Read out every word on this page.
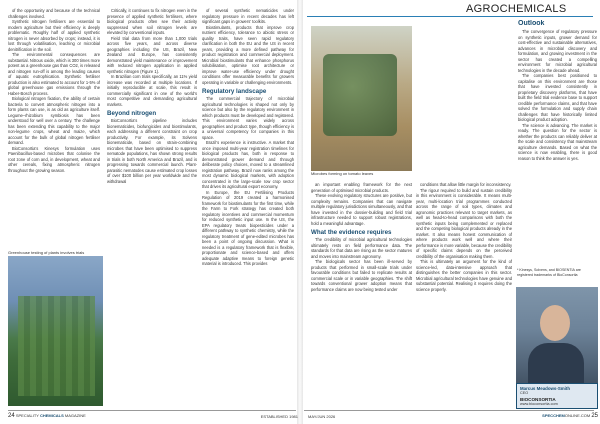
AGROCHEMICALS

of the opportunity and because of the technical challenges involved.

Synthetic nitrogen fertilisers are essential to modern agriculture but their efficiency is deeply problematic. Roughly half of applied synthetic nitrogen is never absorbed by crops; instead, it is lost through volatilisation, leaching or microbial denitrification in the soil.

The environmental consequences are substantial. Nitrous oxide, which is 300 times more potent as a greenhouse gas than CO2, is released and nitrogen run-off is among the leading causes of aquatic eutrophication. Synthetic fertiliser production is also estimated to account for 1-5% of global greenhouse gas emissions through the Haber-Bosch process.

Biological nitrogen fixation, the ability of certain bacteria to convert atmospheric nitrogen into a form plants can use, is as old as agriculture itself. Legume–rhizobium symbiosis has been understood for well over a century. The challenge has been extending this capability to the major non-legume crops, wheat and maize, which account for the bulk of global nitrogen fertiliser demand.

BioConsortia’s Kinesys formulation uses Paenibacillus-based microbes that colonise the root zone of corn and, in development, wheat and other cereals, fixing atmospheric nitrogen throughout the growing season.

Greenhouse testing of plants involves trials

Critically, it continues to fix nitrogen even in the presence of applied synthetic fertilisers, where biological products often see their activity suppressed when soil nitrogen levels are elevated by conventional inputs.

Field trial data from more than 1,000 trials across five years, and across diverse geographies including the US, Brazil, New Zealand and Europe, has consistently demonstrated yield maintenance or improvement with reduced nitrogen application in applied synthetic nitrogen (Figure 1).

In Brazilian corn trials specifically, an 11% yield increase was recorded at multiple locations. If initially reproducible at scale, this result is commercially significant in one of the world’s most competitive and demanding agricultural markets.

Beyond nitrogen

BioConsortia’s pipeline includes bionematicides, biofungicides and biostimulants, each addressing a different constraint on crop productivity. For example, its Solvens bionematicide, based on strain-combining microbes that have been optimised to suppress nematode populations, has shown strong results in trials in both North America and Brazil, and is progressing towards commercial launch. Plant-parasitic nematodes cause estimated crop losses of over $100 billion per year worldwide and the withdrawal

of several synthetic nematicides under regulatory pressure in recent decades has left significant gaps in growers’ toolkits.

Biostimulants, products that improve crop nutrient efficiency, tolerance to abiotic stress or quality traits, have seen rapid regulatory clarification in both the EU and the US in recent years, providing a more defined pathway for product registration and commercial deployment. Microbial biostimulants that enhance phosphorus solubilisation, optimise root architecture or improve water-use efficiency under drought conditions offer measurable benefits for growers operating in variable or challenging environments.

Regulatory landscape

The commercial trajectory of microbial agricultural technologies is shaped not only by science but also by the regulatory environment in which products must be developed and registered. This environment varies widely across geographies and product type, though efficiency is a universal competency for companies in this space.

Brazil’s experience is instructive. A market that once imposed multi-year registration timelines for biological products has, both in response to demonstrated grower demand and through deliberate policy choices, moved to a streamlined registration pathway. Brazil now ranks among the most dynamic biological markets, with adoption concentrated in the large-scale row crop sector that drives its agricultural export economy.

In Europe, the EU Fertilising Products Regulation of 2019 created a harmonised framework for biostimulants for the first time, while the Farm to Fork strategy has created both regulatory incentives and commercial momentum for reduced synthetic input use. In the US, the EPA regulatory treats biopesticides under a different pathway to synthetic chemistry, while the regulatory treatment of gene-edited microbes has been a point of ongoing discussion. What is needed is a regulatory framework that is flexible, proportionate and science-based and offers adequate adaptive means to foreign genetic material is introduced. This provides

Microbes forming on tomato leaves

an important enabling framework for the next generation of optimised microbial products.

These evolving regulatory structures are positive, but complexity remains. Companies that can navigate multiple regulatory jurisdictions simultaneously, and that have invested in the dossier-building and field trial infrastructure needed to support robust registrations, hold a meaningful advantage.

What the evidence requires

The credibility of microbial agricultural technologies ultimately rests on field performance data. The standards for that data are rising as the sector matures and moves into mainstream agronomy.

The biologicals sector has been ill-served by products that performed in small-scale trials under favourable conditions but failed to replicate results at commercial scale or in variable geographies. The shift towards conventional grower adoption means that performance claims are now being tested under

conditions that allow little margin for inconsistency.

The rigour required to build and sustain credibility in this environment is considerable. It means multi-year, multi-location trial programmes conducted across the range of soil types, climates and agronomic practices relevant to target markets, as well as head-to-head comparisons with both the synthetic inputs being complemented or replaced and the competing biological products already in the market. It also means honest communication of where products work well and where their performance is more variable, because the credibility of specific claims depends on the perceived credibility of the organisation making them.

This is ultimately an argument for the kind of science-led, data-intensive approach that distinguishes the better companies in this sector. Microbial agricultural technologies have genuine and substantial potential. Realising it requires doing the science properly.

Outlook

The convergence of regulatory pressure on synthetic inputs, grower demand for cost-effective and sustainable alternatives, advances in microbial discovery and formulation, and growing investment in the sector has created a compelling environment for microbial agricultural technologies in the decade ahead.

The companies best positioned to capitalise on this environment are those that have invested consistently in proprietary discovery platforms, that have built the field trial evidence base to support credible performance claims, and that have solved the formulation and supply chain challenges that have historically limited biological product adoption.

The science is advancing. The market is ready. The question for the sector is whether the products can reliably deliver at the scale and consistency that mainstream agriculture demands. Based on what the science is now enabling, there is good reason to think the answer is yes.

* Kinesys, Solvens, and BIOSENTIA are registered trademarks of BioConsortia
Marcus Meadows-Smith
CEO
BIOCONSORTIA
www.bioconsortia.com
24 SPECIALITY CHEMICALS MAGAZINE	ESTABLISHED 1981	MAY/JUN 2026	SPECCHEMONLINE.COM 25
